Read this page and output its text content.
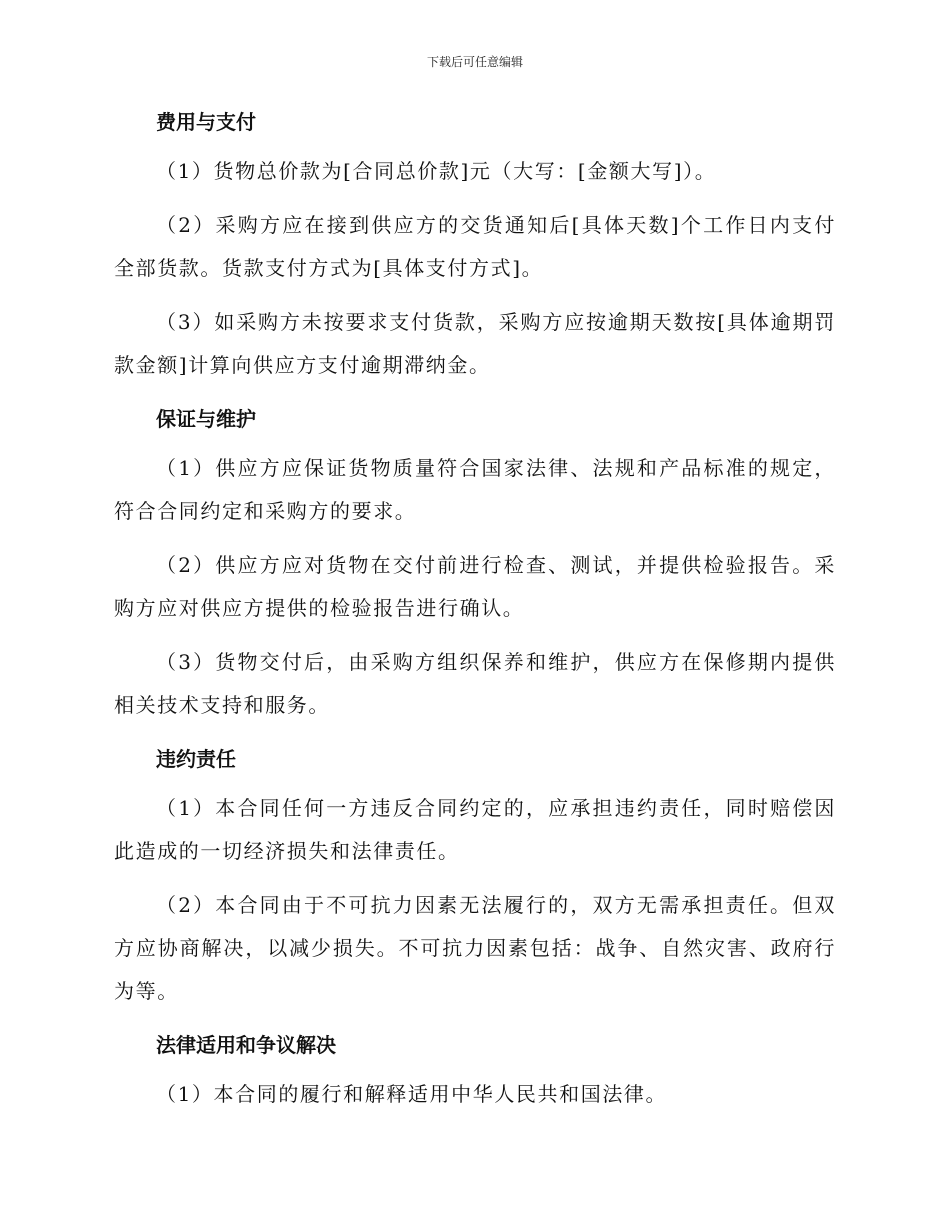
下载后可任意编辑

费用与支付

（1）货物总价款为[合同总价款]元（大写：[金额大写]）。

（2）采购方应在接到供应方的交货通知后[具体天数]个工作日内支付全部货款。货款支付方式为[具体支付方式]。

（3）如采购方未按要求支付货款，采购方应按逾期天数按[具体逾期罚款金额]计算向供应方支付逾期滞纳金。

保证与维护

（1）供应方应保证货物质量符合国家法律、法规和产品标准的规定，符合合同约定和采购方的要求。

（2）供应方应对货物在交付前进行检查、测试，并提供检验报告。采购方应对供应方提供的检验报告进行确认。

（3）货物交付后，由采购方组织保养和维护，供应方在保修期内提供相关技术支持和服务。

违约责任

（1）本合同任何一方违反合同约定的，应承担违约责任，同时赔偿因此造成的一切经济损失和法律责任。

（2）本合同由于不可抗力因素无法履行的，双方无需承担责任。但双方应协商解决，以减少损失。不可抗力因素包括：战争、自然灾害、政府行为等。

法律适用和争议解决

（1）本合同的履行和解释适用中华人民共和国法律。
